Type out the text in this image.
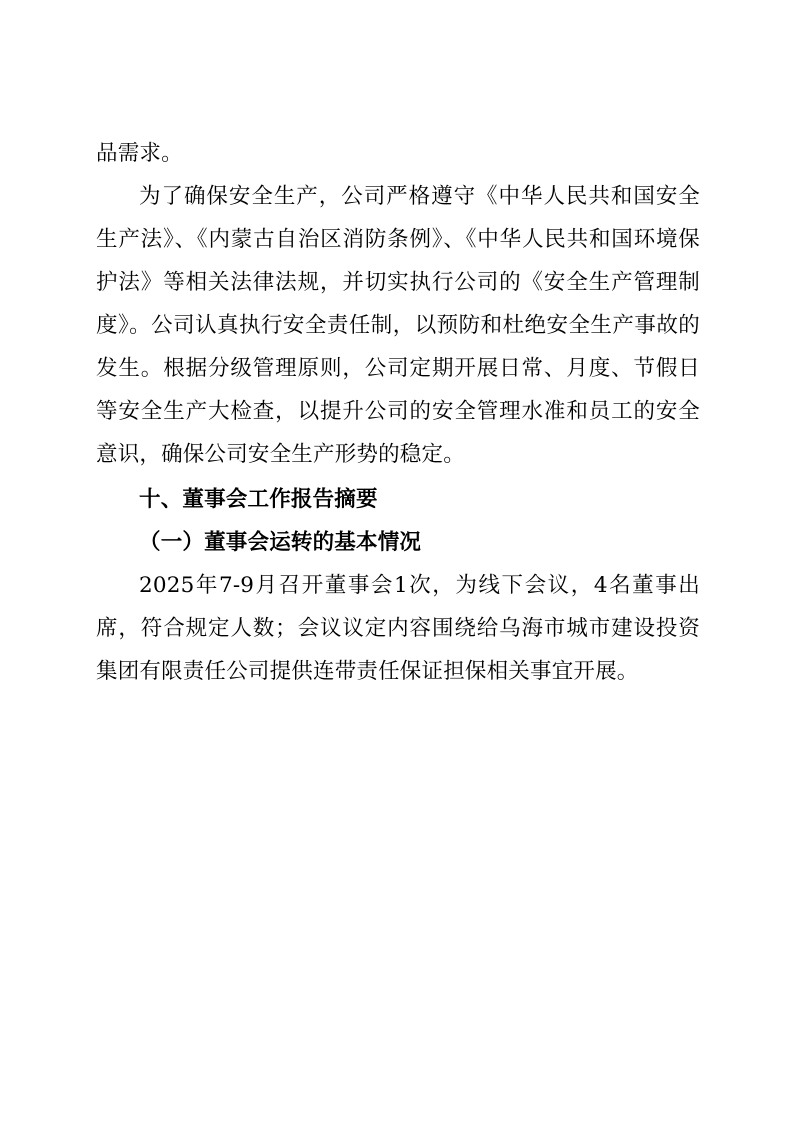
品需求。

为了确保安全生产，公司严格遵守《中华人民共和国安全生产法》、《内蒙古自治区消防条例》、《中华人民共和国环境保护法》等相关法律法规，并切实执行公司的《安全生产管理制度》。公司认真执行安全责任制，以预防和杜绝安全生产事故的发生。根据分级管理原则，公司定期开展日常、月度、节假日等安全生产大检查，以提升公司的安全管理水准和员工的安全意识，确保公司安全生产形势的稳定。

十、董事会工作报告摘要
（一）董事会运转的基本情况

2025年7-9月召开董事会1次，为线下会议，4名董事出席，符合规定人数；会议议定内容围绕给乌海市城市建设投资集团有限责任公司提供连带责任保证担保相关事宜开展。
